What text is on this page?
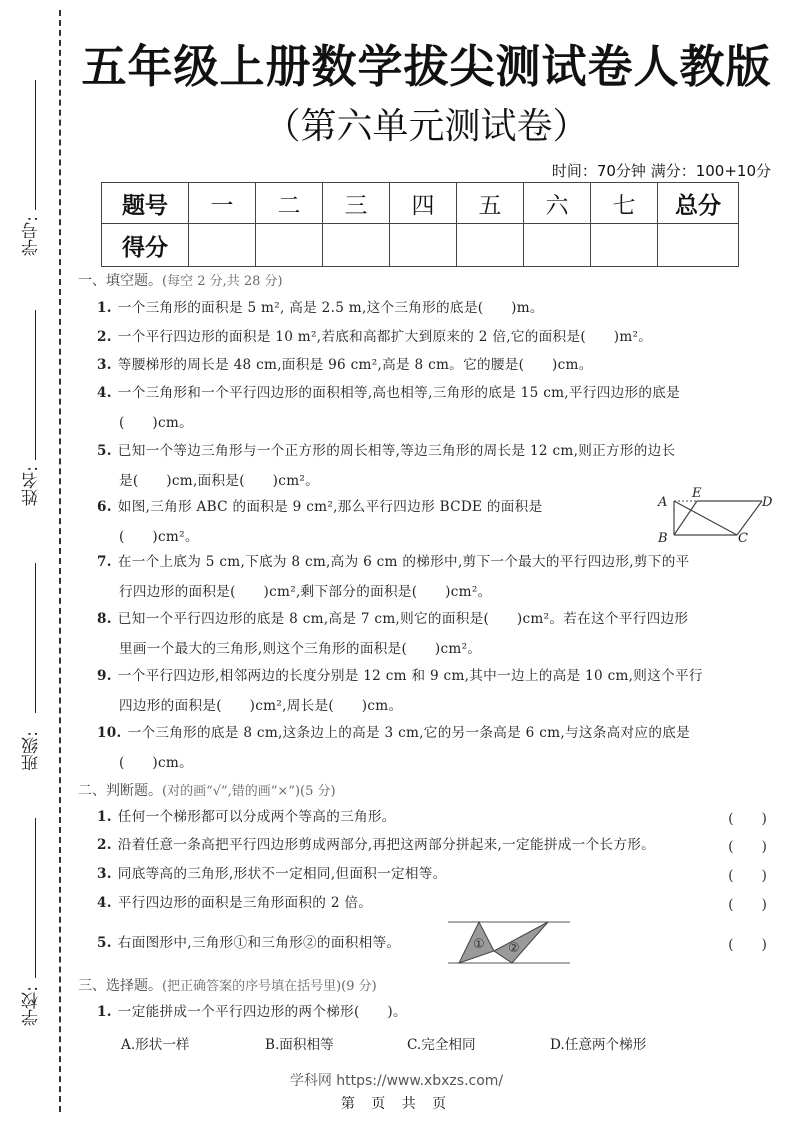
学号:
姓名:
班级:
学校:
五年级上册数学拔尖测试卷人教版
（第六单元测试卷）
时间：70分钟 满分：100+10分
题号	一	二	三	四	五	六	七	总分
得分								
一、填空题。(每空 2 分,共 28 分)
1. 一个三角形的面积是 5 m², 高是 2.5 m,这个三角形的底是(　　)m。
2. 一个平行四边形的面积是 10 m²,若底和高都扩大到原来的 2 倍,它的面积是(　　)m²。
3. 等腰梯形的周长是 48 cm,面积是 96 cm²,高是 8 cm。它的腰是(　　)cm。
4. 一个三角形和一个平行四边形的面积相等,高也相等,三角形的底是 15 cm,平行四边形的底是
(　　)cm。
5. 已知一个等边三角形与一个正方形的周长相等,等边三角形的周长是 12 cm,则正方形的边长
是(　　)cm,面积是(　　)cm²。
6. 如图,三角形 ABC 的面积是 9 cm²,那么平行四边形 BCDE 的面积是
(　　)cm²。
A
E
D
B	C
7. 在一个上底为 5 cm,下底为 8 cm,高为 6 cm 的梯形中,剪下一个最大的平行四边形,剪下的平
行四边形的面积是(　　)cm²,剩下部分的面积是(　　)cm²。
8. 已知一个平行四边形的底是 8 cm,高是 7 cm,则它的面积是(　　)cm²。若在这个平行四边形
里画一个最大的三角形,则这个三角形的面积是(　　)cm²。
9. 一个平行四边形,相邻两边的长度分别是 12 cm 和 9 cm,其中一边上的高是 10 cm,则这个平行
四边形的面积是(　　)cm²,周长是(　　)cm。
10. 一个三角形的底是 8 cm,这条边上的高是 3 cm,它的另一条高是 6 cm,与这条高对应的底是
(　　)cm。
二、判断题。(对的画“√”,错的画“×”)(5 分)
1. 任何一个梯形都可以分成两个等高的三角形。	(　　)
2. 沿着任意一条高把平行四边形剪成两部分,再把这两部分拼起来,一定能拼成一个长方形。	(　　)
3. 同底等高的三角形,形状不一定相同,但面积一定相等。	(　　)
4. 平行四边形的面积是三角形面积的 2 倍。	(　　)
5. 右面图形中,三角形①和三角形②的面积相等。	(　　)
① ②
三、选择题。(把正确答案的序号填在括号里)(9 分)
1. 一定能拼成一个平行四边形的两个梯形(　　)。
A.形状一样	B.面积相等	C.完全相同	D.任意两个梯形
学科网 https://www.xbxzs.com/
第 页 共 页
